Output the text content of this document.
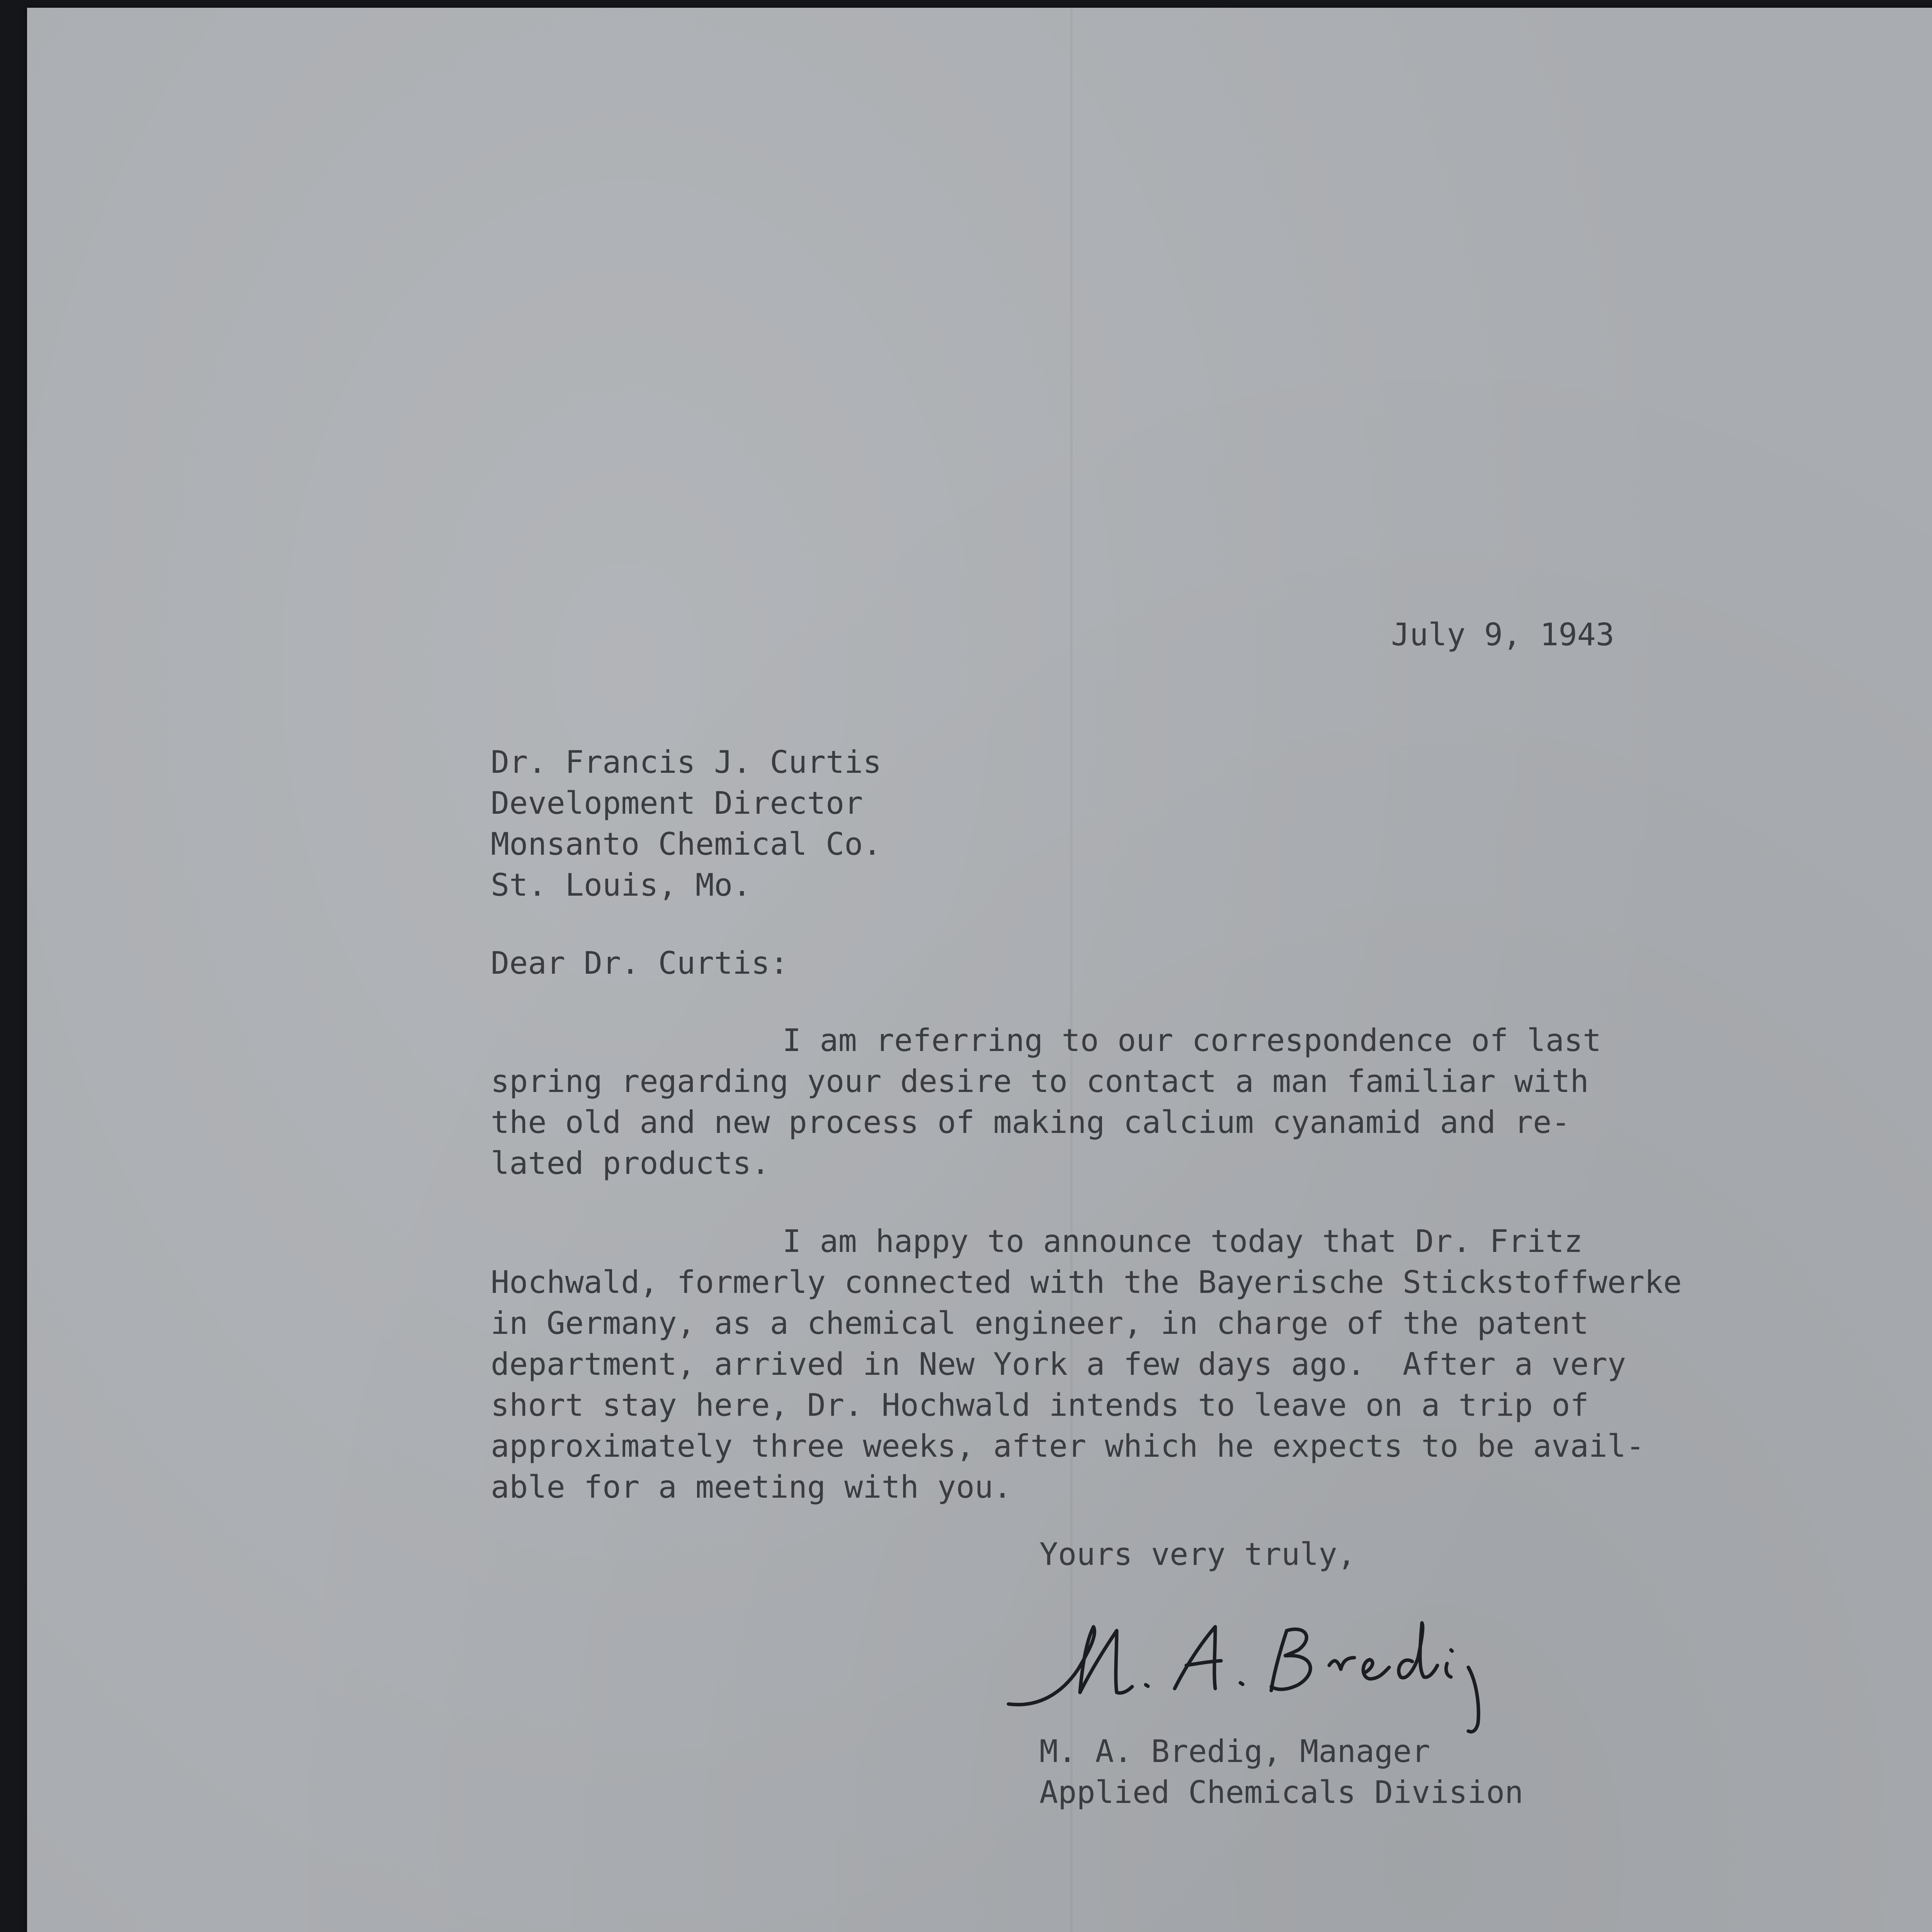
July 9, 1943

Dr. Francis J. Curtis

Development Director

Monsanto Chemical Co.

St. Louis, Mo.

Dear Dr. Curtis:

I am referring to our correspondence of last

spring regarding your desire to contact a man familiar with

the old and new process of making calcium cyanamid and re-

lated products.

I am happy to announce today that Dr. Fritz

Hochwald, formerly connected with the Bayerische Stickstoffwerke

in Germany, as a chemical engineer, in charge of the patent

department, arrived in New York a few days ago.  After a very

short stay here, Dr. Hochwald intends to leave on a trip of

approximately three weeks, after which he expects to be avail-

able for a meeting with you.

Yours very truly,

M. A. Bredig, Manager

Applied Chemicals Division
